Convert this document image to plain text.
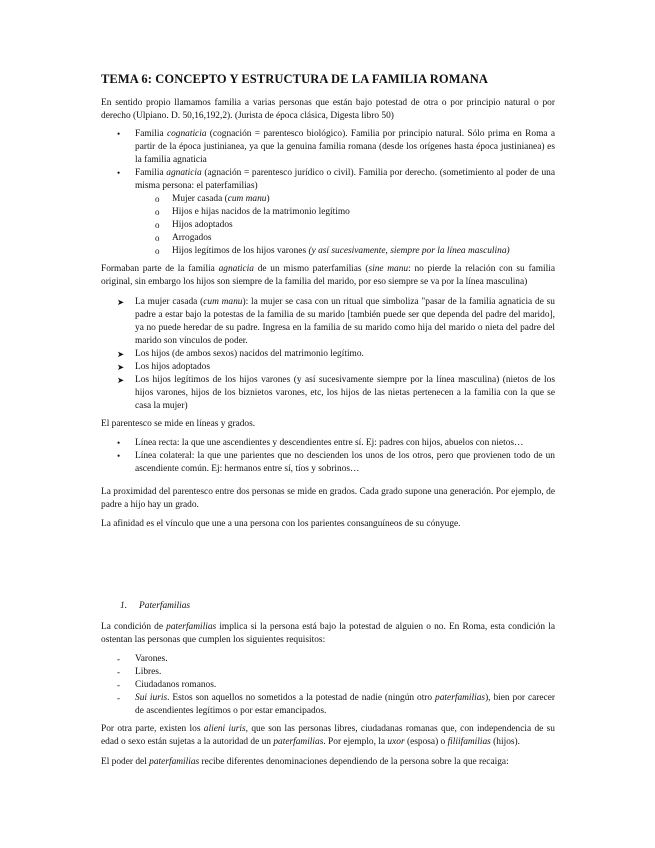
TEMA 6: CONCEPTO Y ESTRUCTURA DE LA FAMILIA ROMANA

En sentido propio llamamos familia a varias personas que están bajo potestad de otra o por principio natural o por derecho (Ulpiano. D. 50,16,192,2). (Jurista de época clásica, Digesta libro 50)

• Familia cognaticia (cognación = parentesco biológico). Familia por principio natural. Sólo prima en Roma a partir de la época justinianea, ya que la genuina familia romana (desde los orígenes hasta época justinianea) es la familia agnaticia
• Familia agnaticia (agnación = parentesco jurídico o civil). Familia por derecho. (sometimiento al poder de una misma persona: el paterfamilias)
o Mujer casada (cum manu)
o Hijos e hijas nacidos de la matrimonio legítimo
o Hijos adoptados
o Arrogados
o Hijos legítimos de los hijos varones (y así sucesivamente, siempre por la línea masculina)

Formaban parte de la familia agnaticia de un mismo paterfamilias (sine manu: no pierde la relación con su familia original, sin embargo los hijos son siempre de la familia del marido, por eso siempre se va por la línea masculina)

➤ La mujer casada (cum manu): la mujer se casa con un ritual que simboliza "pasar de la familia agnaticia de su padre a estar bajo la potestas de la familia de su marido [también puede ser que dependa del padre del marido], ya no puede heredar de su padre. Ingresa en la familia de su marido como hija del marido o nieta del padre del marido son vínculos de poder.
➤ Los hijos (de ambos sexos) nacidos del matrimonio legítimo.
➤ Los hijos adoptados
➤ Los hijos legítimos de los hijos varones (y así sucesivamente siempre por la línea masculina) (nietos de los hijos varones, hijos de los biznietos varones, etc, los hijos de las nietas pertenecen a la familia con la que se casa la mujer)

El parentesco se mide en líneas y grados.

• Línea recta: la que une ascendientes y descendientes entre sí. Ej: padres con hijos, abuelos con nietos…
• Línea colateral: la que une parientes que no descienden los unos de los otros, pero que provienen todo de un ascendiente común. Ej: hermanos entre sí, tíos y sobrinos…

La proximidad del parentesco entre dos personas se mide en grados. Cada grado supone una generación. Por ejemplo, de padre a hijo hay un grado.

La afinidad es el vínculo que une a una persona con los parientes consanguíneos de su cónyuge.

1. Paterfamilias

La condición de paterfamilias implica si la persona está bajo la potestad de alguien o no. En Roma, esta condición la ostentan las personas que cumplen los siguientes requisitos:

- Varones.
- Libres.
- Ciudadanos romanos.
- Sui iuris. Estos son aquellos no sometidos a la potestad de nadie (ningún otro paterfamilias), bien por carecer de ascendientes legítimos o por estar emancipados.

Por otra parte, existen los alieni iuris, que son las personas libres, ciudadanas romanas que, con independencia de su edad o sexo están sujetas a la autoridad de un paterfamilias. Por ejemplo, la uxor (esposa) o filiifamilias (hijos).

El poder del paterfamilias recibe diferentes denominaciones dependiendo de la persona sobre la que recaiga:
